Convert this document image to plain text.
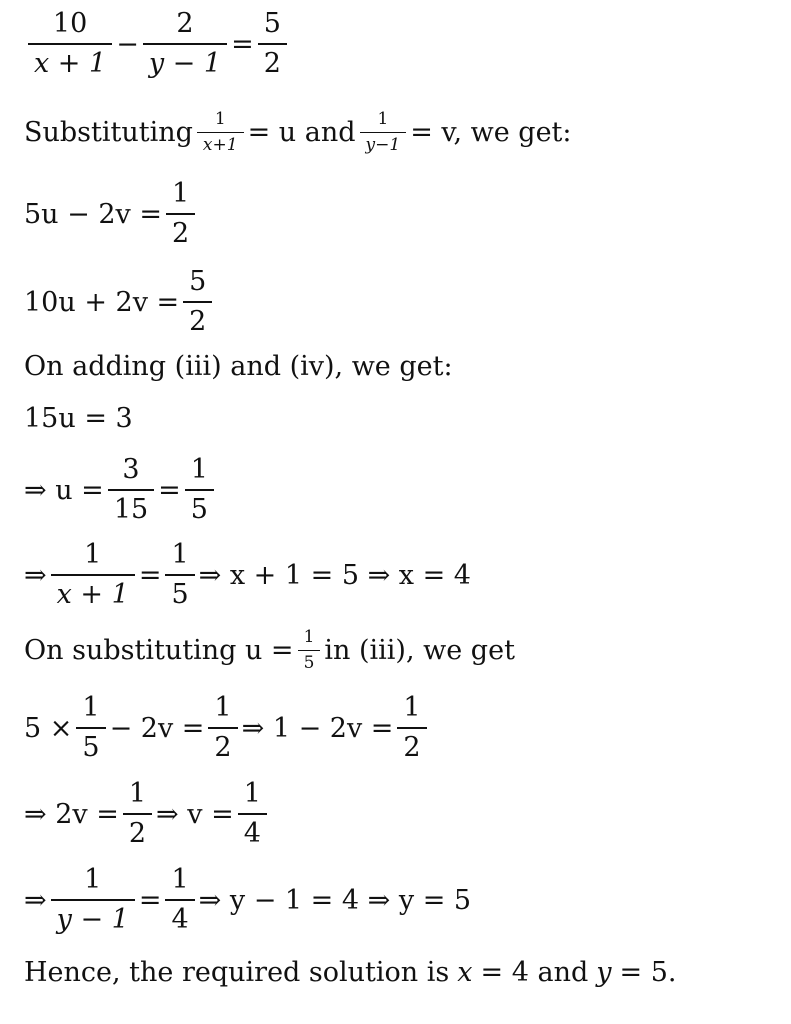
$\frac{10}{x + 1} - \frac{2}{y - 1} = \frac{5}{2}$
Substituting $\frac{1}{x+1} = u$ and $\frac{1}{y-1} = v$, we get:
$5u - 2v = \frac{1}{2}$
$10u + 2v = \frac{5}{2}$
On adding (iii) and (iv), we get:
15u = 3
⇒ $u = \frac{3}{15} = \frac{1}{5}$
⇒ $\frac{1}{x + 1} = \frac{1}{5}$ ⇒ x + 1 = 5 ⇒ x = 4
On substituting $u = \frac{1}{5}$ in (iii), we get
$5 \times \frac{1}{5} - 2v = \frac{1}{2}$ ⇒ $1 - 2v = \frac{1}{2}$
⇒ $2v = \frac{1}{2}$ ⇒ $v = \frac{1}{4}$
⇒ $\frac{1}{y - 1} = \frac{1}{4}$ ⇒ y − 1 = 4 ⇒ y = 5
Hence, the required solution is x = 4 and y = 5.
